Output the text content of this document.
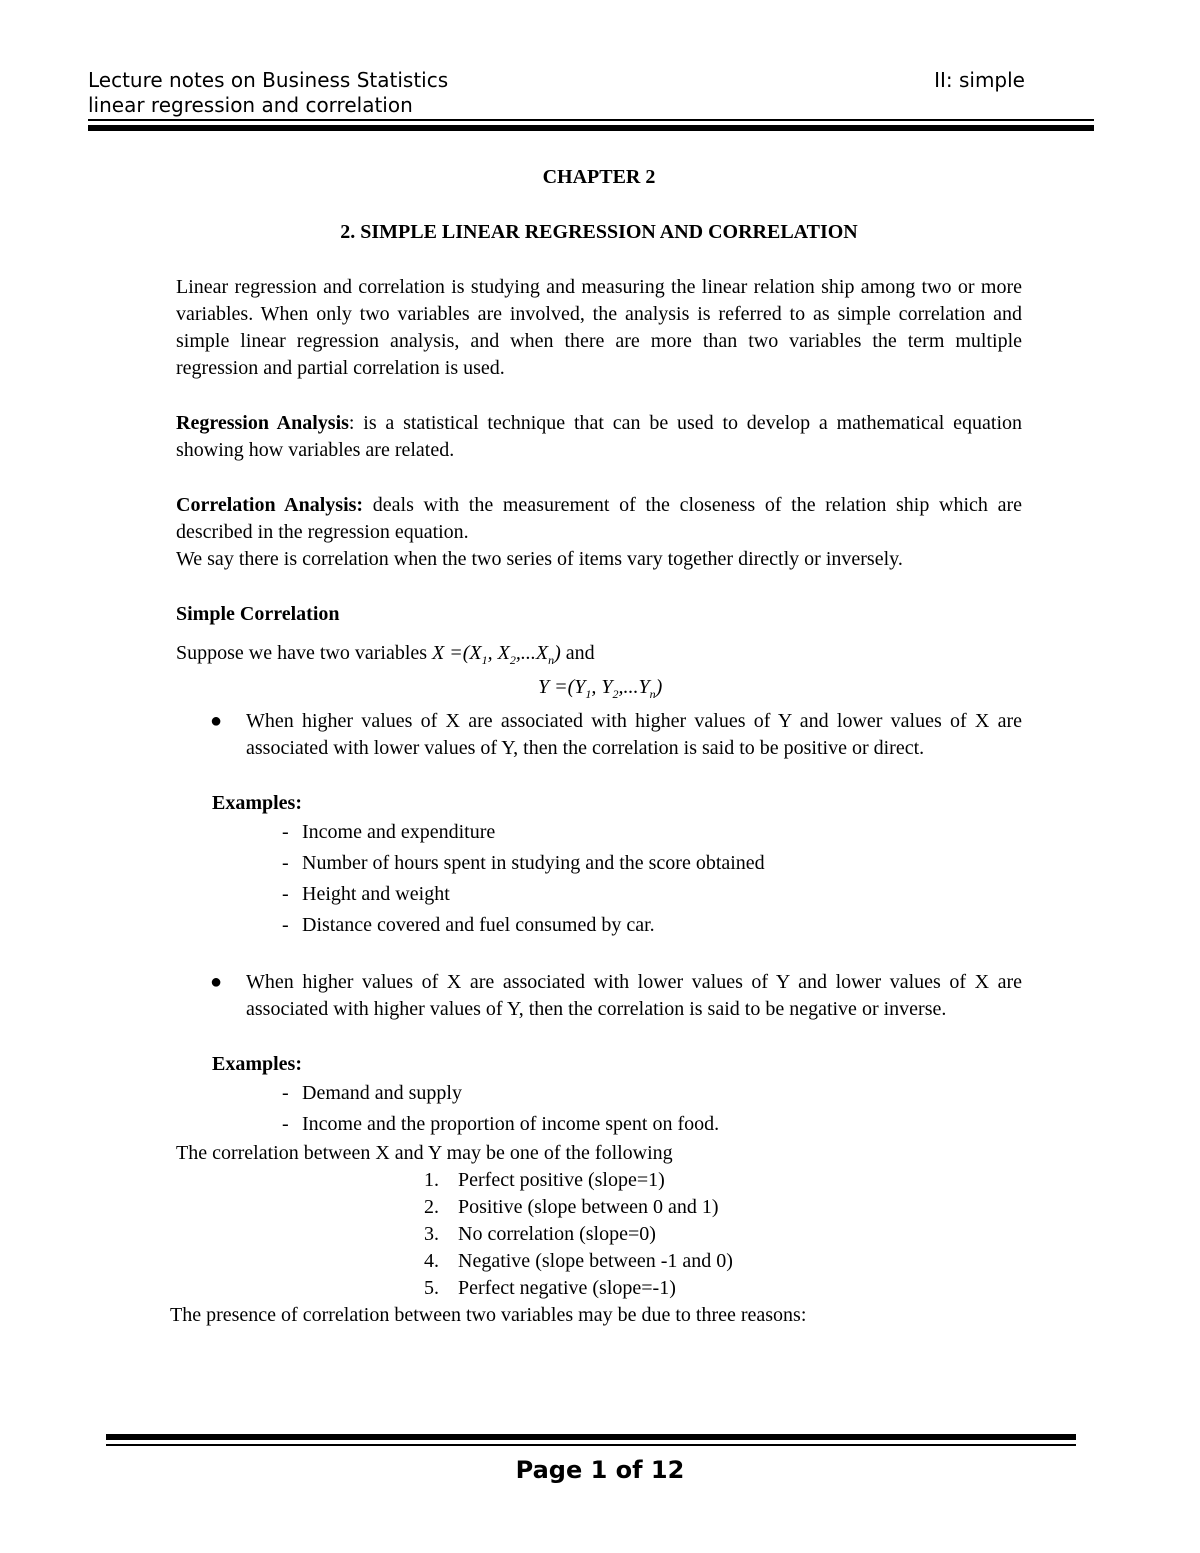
Lecture notes on Business Statistics	II: simple
linear regression and correlation

CHAPTER 2

2. SIMPLE LINEAR REGRESSION AND CORRELATION

Linear regression and correlation is studying and measuring the linear relation ship among two or more variables. When only two variables are involved, the analysis is referred to as simple correlation and simple linear regression analysis, and when there are more than two variables the term multiple regression and partial correlation is used.

Regression Analysis: is a statistical technique that can be used to develop a mathematical equation showing how variables are related.

Correlation Analysis: deals with the measurement of the closeness of the relation ship which are described in the regression equation.

We say there is correlation when the two series of items vary together directly or inversely.

Simple Correlation

Suppose we have two variables $X =(X_1$, $X_2,...X_n$) and

$Y =(Y_1$, $Y_2,...Y_n$)

● When higher values of X are associated with higher values of Y and lower values of X are associated with lower values of Y, then the correlation is said to be positive or direct.

Examples:

- Income and expenditure
- Number of hours spent in studying and the score obtained
- Height and weight
- Distance covered and fuel consumed by car.
● When higher values of X are associated with lower values of Y and lower values of X are associated with higher values of Y, then the correlation is said to be negative or inverse.

Examples:

- Demand and supply
- Income and the proportion of income spent on food.

The correlation between X and Y may be one of the following

1. Perfect positive (slope=1)
2. Positive (slope between 0 and 1)
3. No correlation (slope=0)
4. Negative (slope between -1 and 0)
5. Perfect negative (slope=-1)

The presence of correlation between two variables may be due to three reasons:

Page 1 of 12
